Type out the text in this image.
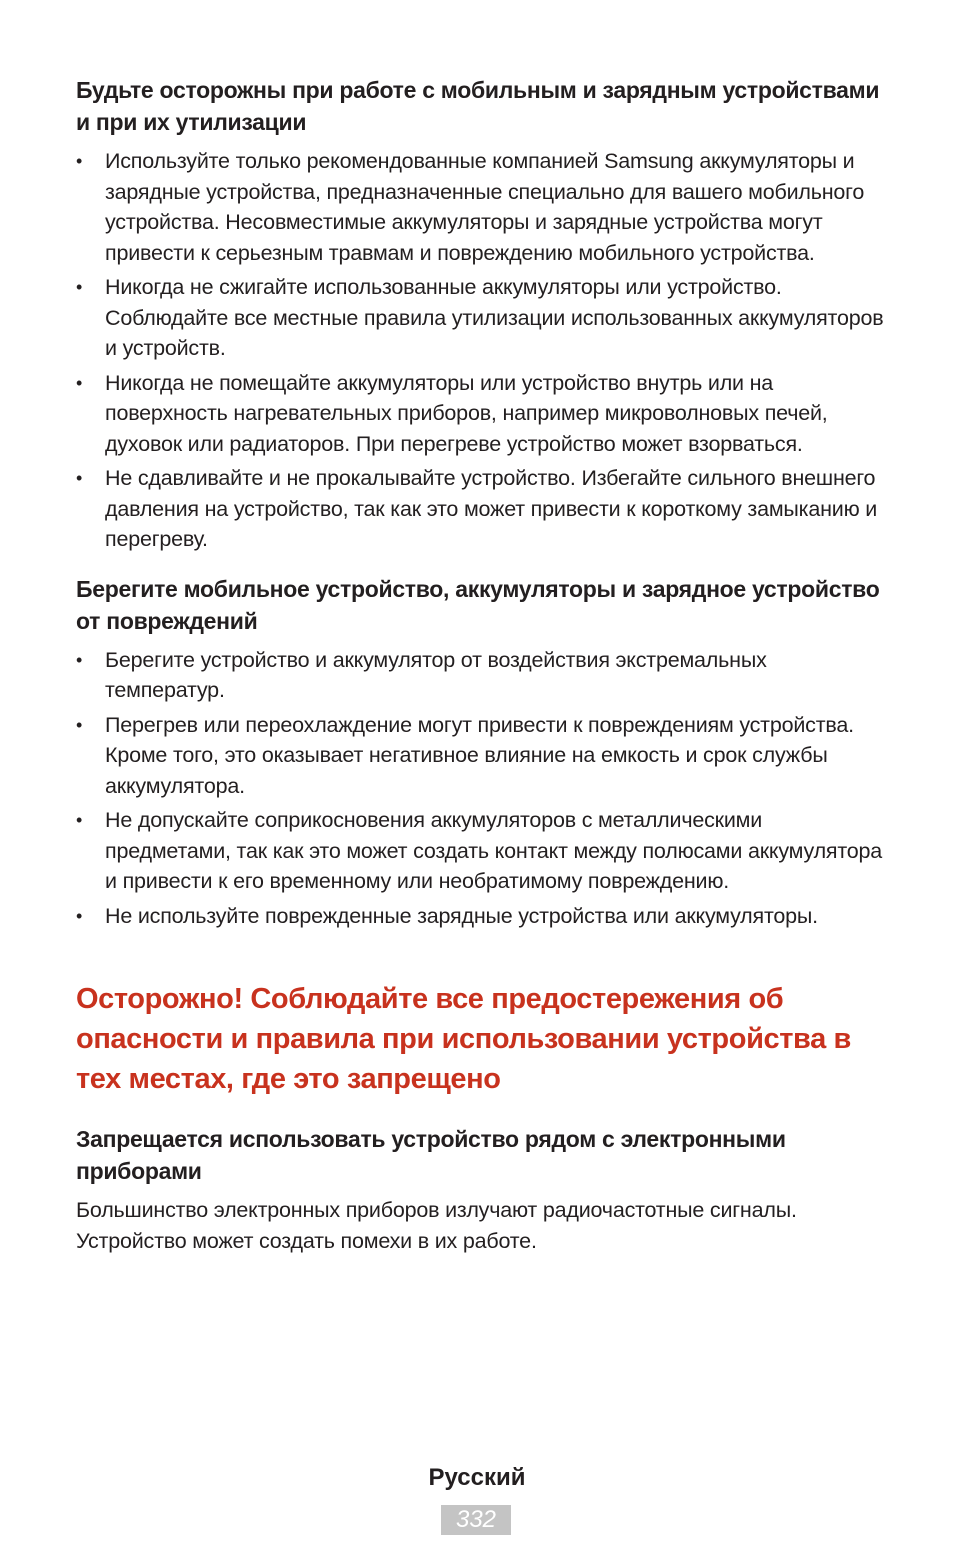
Будьте осторожны при работе с мобильным и зарядным устройствами и при их утилизации
• Используйте только рекомендованные компанией Samsung аккумуляторы и зарядные устройства, предназначенные специально для вашего мобильного устройства. Несовместимые аккумуляторы и зарядные устройства могут привести к серьезным травмам и повреждению мобильного устройства.
• Никогда не сжигайте использованные аккумуляторы или устройство. Соблюдайте все местные правила утилизации использованных аккумуляторов и устройств.
• Никогда не помещайте аккумуляторы или устройство внутрь или на поверхность нагревательных приборов, например микроволновых печей, духовок или радиаторов. При перегреве устройство может взорваться.
• Не сдавливайте и не прокалывайте устройство. Избегайте сильного внешнего давления на устройство, так как это может привести к короткому замыканию и перегреву.
Берегите мобильное устройство, аккумуляторы и зарядное устройство от повреждений
• Берегите устройство и аккумулятор от воздействия экстремальных температур.
• Перегрев или переохлаждение могут привести к повреждениям устройства. Кроме того, это оказывает негативное влияние на емкость и срок службы аккумулятора.
• Не допускайте соприкосновения аккумуляторов с металлическими предметами, так как это может создать контакт между полюсами аккумулятора и привести к его временному или необратимому повреждению.
• Не используйте поврежденные зарядные устройства или аккумуляторы.
Осторожно! Соблюдайте все предостережения об опасности и правила при использовании устройства в тех местах, где это запрещено
Запрещается использовать устройство рядом с электронными приборами

Большинство электронных приборов излучают радиочастотные сигналы. Устройство может создать помехи в их работе.

Русский
332
